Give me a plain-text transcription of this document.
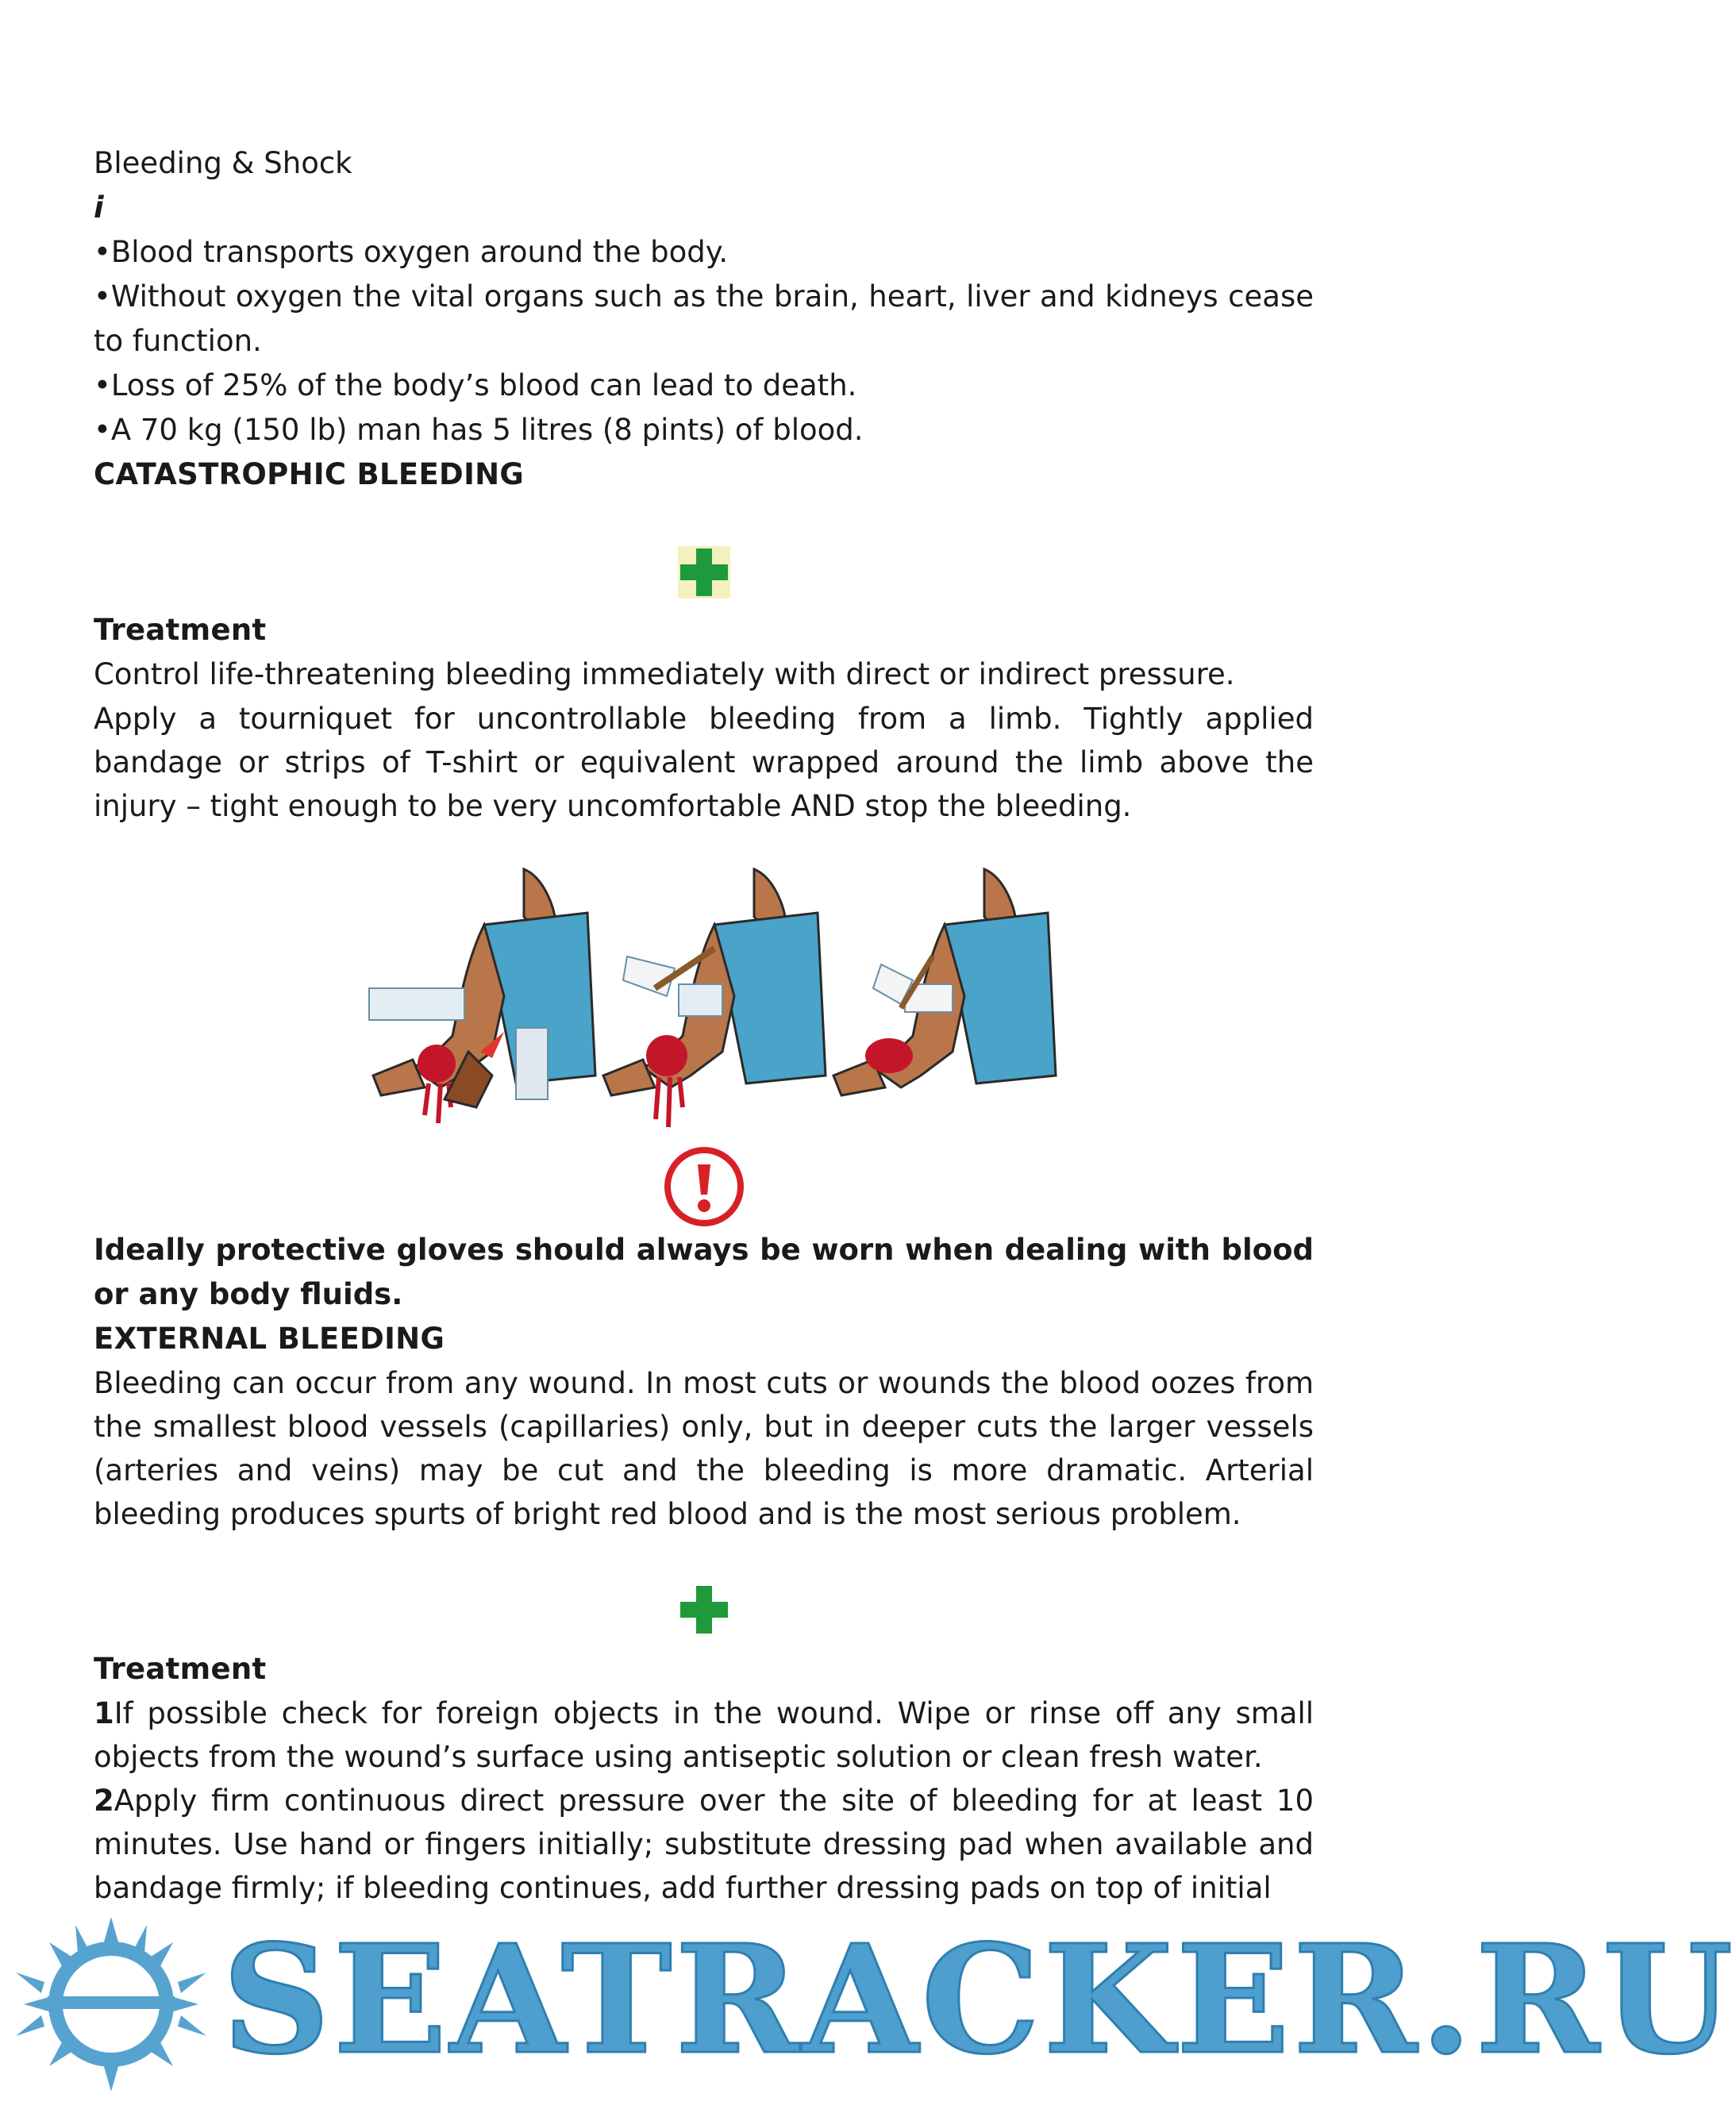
Bleeding & Shock

i

•Blood transports oxygen around the body.

•Without oxygen the vital organs such as the brain, heart, liver and kidneys cease to function.

•Loss of 25% of the body’s blood can lead to death.

•A 70 kg (150 lb) man has 5 litres (8 pints) of blood.

CATASTROPHIC BLEEDING

Treatment

Control life-threatening bleeding immediately with direct or indirect pressure.

Apply a tourniquet for uncontrollable bleeding from a limb. Tightly applied bandage or strips of T-shirt or equivalent wrapped around the limb above the injury – tight enough to be very uncomfortable AND stop the bleeding.

Ideally protective gloves should always be worn when dealing with blood or any body fluids.

EXTERNAL BLEEDING

Bleeding can occur from any wound. In most cuts or wounds the blood oozes from the smallest blood vessels (capillaries) only, but in deeper cuts the larger vessels (arteries and veins) may be cut and the bleeding is more dramatic. Arterial bleeding produces spurts of bright red blood and is the most serious problem.

Treatment

1If possible check for foreign objects in the wound. Wipe or rinse off any small objects from the wound’s surface using antiseptic solution or clean fresh water.

2Apply firm continuous direct pressure over the site of bleeding for at least 10 minutes. Use hand or fingers initially; substitute dressing pad when available and bandage firmly; if bleeding continues, add further dressing pads on top of initial

SEATRACKER.RU
